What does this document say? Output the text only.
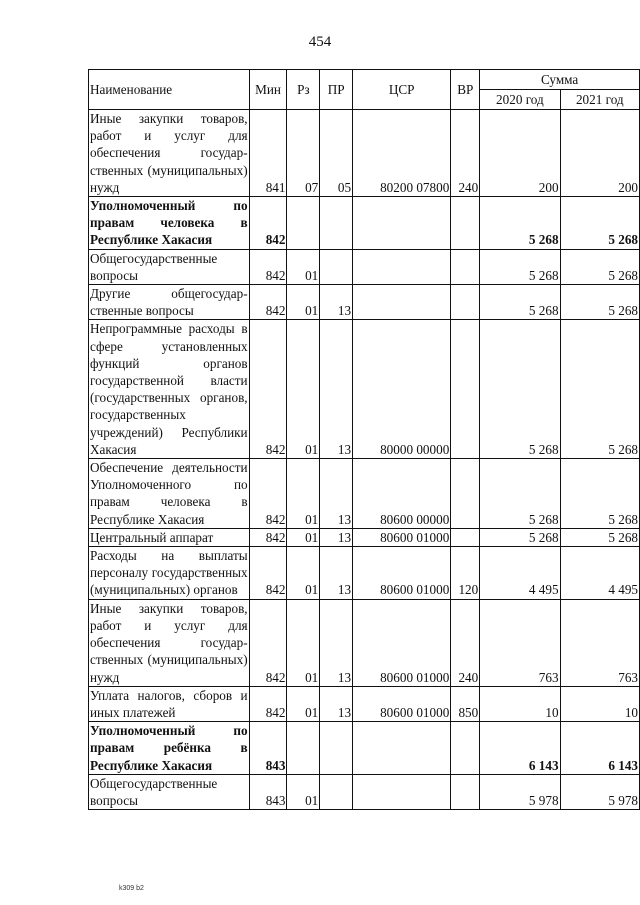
454
Наименование	Мин	Рз	ПР	ЦСР	ВР	Сумма	
						2020 год	2021 год
Иные закупки товаров, работ и услуг для обеспечения государственных (муниципальных) нужд	841	07	05	80200 07800	240	200	200
Уполномоченный по правам человека в Республике Хакасия	842					5 268	5 268
Общегосударственные вопросы	842	01				5 268	5 268
Другие общегосударственные вопросы	842	01	13			5 268	5 268
Непрограммные расходы в сфере установленных функций органов государственной власти (государственных органов, государственных учреждений) Республики Хакасия	842	01	13	80000 00000		5 268	5 268
Обеспечение деятельности Уполномоченного по правам человека в Республике Хакасия	842	01	13	80600 00000		5 268	5 268
Центральный аппарат	842	01	13	80600 01000		5 268	5 268
Расходы на выплаты персоналу государственных (муниципальных) органов	842	01	13	80600 01000	120	4 495	4 495
Иные закупки товаров, работ и услуг для обеспечения государственных (муниципальных) нужд	842	01	13	80600 01000	240	763	763
Уплата налогов, сборов и иных платежей	842	01	13	80600 01000	850	10	10
Уполномоченный по правам ребёнка в Республике Хакасия	843					6 143	6 143
Общегосударственные вопросы	843	01				5 978	5 978
k309 b2
